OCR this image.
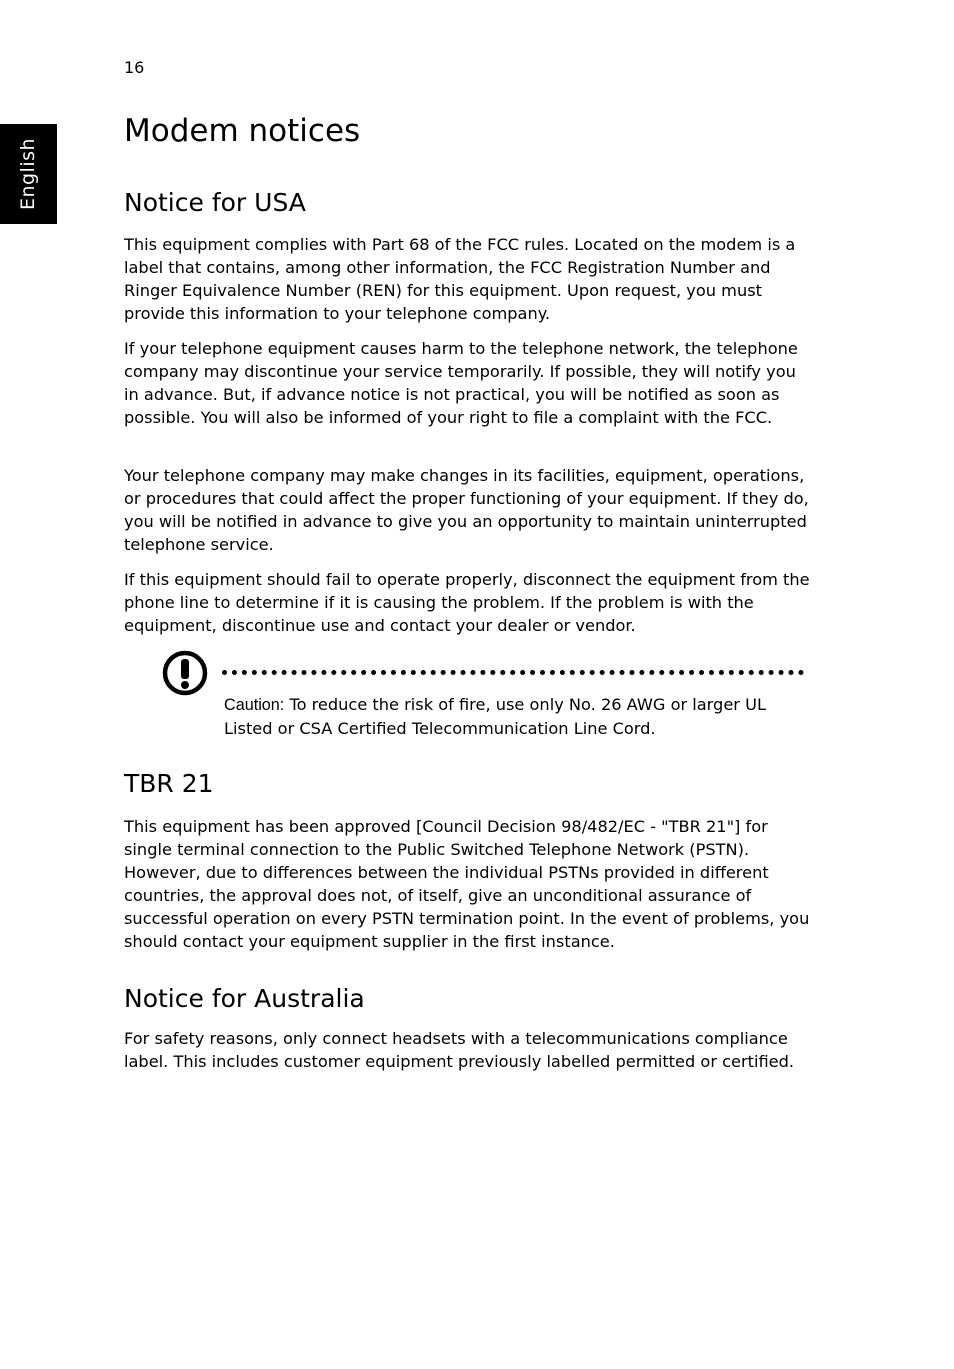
16
English
Modem notices
Notice for USA

This equipment complies with Part 68 of the FCC rules. Located on the modem is a label that contains, among other information, the FCC Registration Number and Ringer Equivalence Number (REN) for this equipment. Upon request, you must provide this information to your telephone company.

If your telephone equipment causes harm to the telephone network, the telephone company may discontinue your service temporarily. If possible, they will notify you in advance. But, if advance notice is not practical, you will be notified as soon as possible. You will also be informed of your right to file a complaint with the FCC.

Your telephone company may make changes in its facilities, equipment, operations, or procedures that could affect the proper functioning of your equipment. If they do, you will be notified in advance to give you an opportunity to maintain uninterrupted telephone service.

If this equipment should fail to operate properly, disconnect the equipment from the phone line to determine if it is causing the problem. If the problem is with the equipment, discontinue use and contact your dealer or vendor.

Caution: To reduce the risk of fire, use only No. 26 AWG or larger UL Listed or CSA Certified Telecommunication Line Cord.

TBR 21

This equipment has been approved [Council Decision 98/482/EC - "TBR 21"] for single terminal connection to the Public Switched Telephone Network (PSTN). However, due to differences between the individual PSTNs provided in different countries, the approval does not, of itself, give an unconditional assurance of successful operation on every PSTN termination point. In the event of problems, you should contact your equipment supplier in the first instance.

Notice for Australia

For safety reasons, only connect headsets with a telecommunications compliance label. This includes customer equipment previously labelled permitted or certified.
